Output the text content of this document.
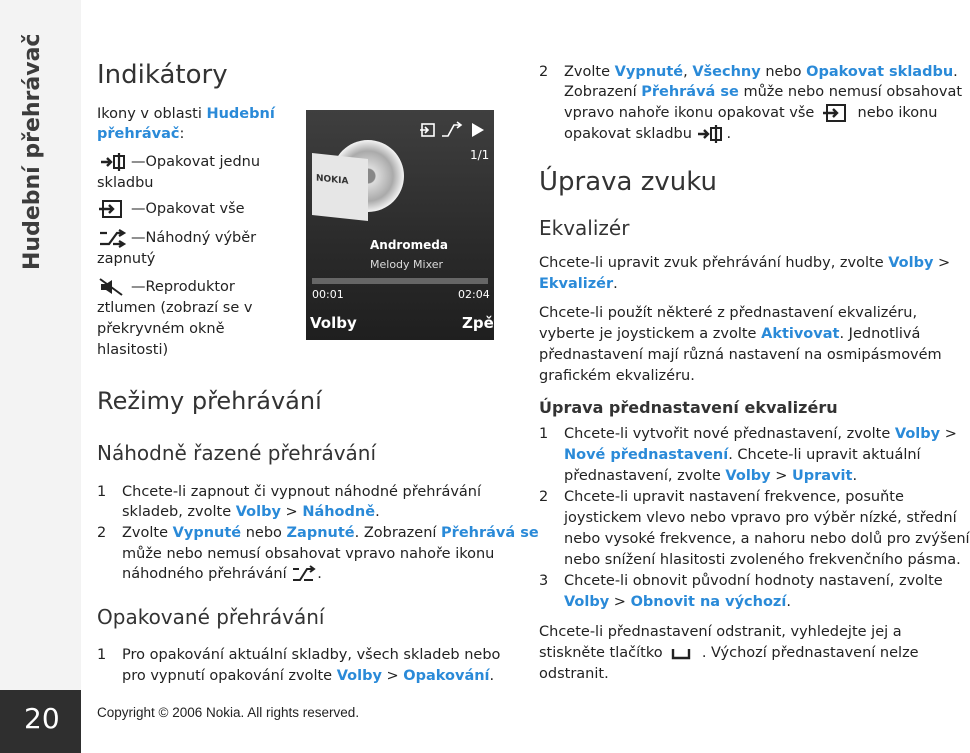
Hudební přehrávač
20
Indikátory
Ikony v oblasti Hudební
přehrávač:
—Opakovat jednu
skladbu
—Opakovat vše
—Náhodný výběr
zapnutý
—Reproduktor
ztlumen (zobrazí se v
překryvném okně
hlasitosti)
1/1
NOKIA
Andromeda
Melody Mixer
00:01	02:04
Volby	Zpět
Režimy přehrávání
Náhodně řazené přehrávání
1 Chcete-li zapnout či vypnout náhodné přehrávání
skladeb, zvolte Volby > Náhodně.
2 Zvolte Vypnuté nebo Zapnuté. Zobrazení Přehrává se
může nebo nemusí obsahovat vpravo nahoře ikonu
náhodného přehrávání .
Opakované přehrávání
1 Pro opakování aktuální skladby, všech skladeb nebo
pro vypnutí opakování zvolte Volby > Opakování.
Copyright © 2006 Nokia. All rights reserved.
2 Zvolte Vypnuté, Všechny nebo Opakovat skladbu.
Zobrazení Přehrává se může nebo nemusí obsahovat
vpravo nahoře ikonu opakovat vše	nebo ikonu
opakovat skladbu .
Úprava zvuku
Ekvalizér
Chcete-li upravit zvuk přehrávání hudby, zvolte Volby >
Ekvalizér.
Chcete-li použít některé z přednastavení ekvalizéru,
vyberte je joystickem a zvolte Aktivovat. Jednotlivá
přednastavení mají různá nastavení na osmipásmovém
grafickém ekvalizéru.
Úprava přednastavení ekvalizéru
1 Chcete-li vytvořit nové přednastavení, zvolte Volby >
Nové přednastavení. Chcete-li upravit aktuální
přednastavení, zvolte Volby > Upravit.
2 Chcete-li upravit nastavení frekvence, posuňte
joystickem vlevo nebo vpravo pro výběr nízké, střední
nebo vysoké frekvence, a nahoru nebo dolů pro zvýšení
nebo snížení hlasitosti zvoleného frekvenčního pásma.
3 Chcete-li obnovit původní hodnoty nastavení, zvolte
Volby > Obnovit na výchozí.
Chcete-li přednastavení odstranit, vyhledejte jej a
stiskněte tlačítko	. Výchozí přednastavení nelze
odstranit.
